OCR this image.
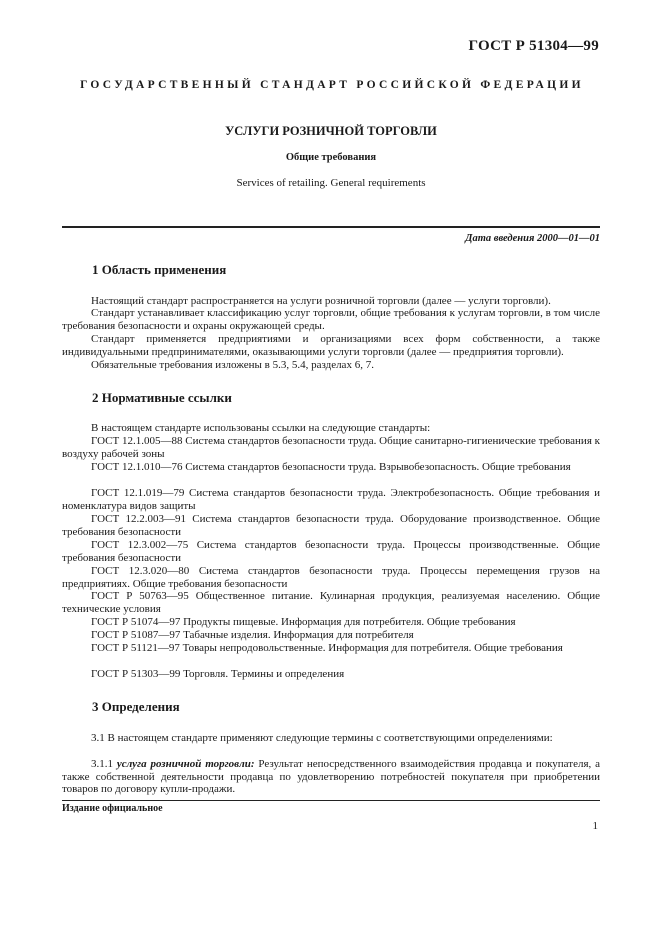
ГОСТ Р 51304—99
ГОСУДАРСТВЕННЫЙ СТАНДАРТ РОССИЙСКОЙ ФЕДЕРАЦИИ
УСЛУГИ РОЗНИЧНОЙ ТОРГОВЛИ
Общие требования
Services of retailing. General requirements
Дата введения 2000—01—01
1 Область применения

Настоящий стандарт распространяется на услуги розничной торговли (далее — услуги торговли).

Стандарт устанавливает классификацию услуг торговли, общие требования к услугам торговли, в том числе требования безопасности и охраны окружающей среды.

Стандарт применяется предприятиями и организациями всех форм собственности, а также индивидуальными предпринимателями, оказывающими услуги торговли (далее — предприятия торговли).

Обязательные требования изложены в 5.3, 5.4, разделах 6, 7.

2 Нормативные ссылки

В настоящем стандарте использованы ссылки на следующие стандарты:

ГОСТ 12.1.005—88 Система стандартов безопасности труда. Общие санитарно-гигиенические требования к воздуху рабочей зоны

ГОСТ 12.1.010—76 Система стандартов безопасности труда. Взрывобезопасность. Общие требования

ГОСТ 12.1.019—79 Система стандартов безопасности труда. Электробезопасность. Общие требования и номенклатура видов защиты

ГОСТ 12.2.003—91 Система стандартов безопасности труда. Оборудование производственное. Общие требования безопасности

ГОСТ 12.3.002—75 Система стандартов безопасности труда. Процессы производственные. Общие требования безопасности

ГОСТ 12.3.020—80 Система стандартов безопасности труда. Процессы перемещения грузов на предприятиях. Общие требования безопасности

ГОСТ Р 50763—95 Общественное питание. Кулинарная продукция, реализуемая населению. Общие технические условия

ГОСТ Р 51074—97 Продукты пищевые. Информация для потребителя. Общие требования

ГОСТ Р 51087—97 Табачные изделия. Информация для потребителя

ГОСТ Р 51121—97 Товары непродовольственные. Информация для потребителя. Общие требования

ГОСТ Р 51303—99 Торговля. Термины и определения

3 Определения

3.1 В настоящем стандарте применяют следующие термины с соответствующими определениями:

3.1.1 услуга розничной торговли: Результат непосредственного взаимодействия продавца и покупателя, а также собственной деятельности продавца по удовлетворению потребностей покупателя при приобретении товаров по договору купли-продажи.

Издание официальное
1
